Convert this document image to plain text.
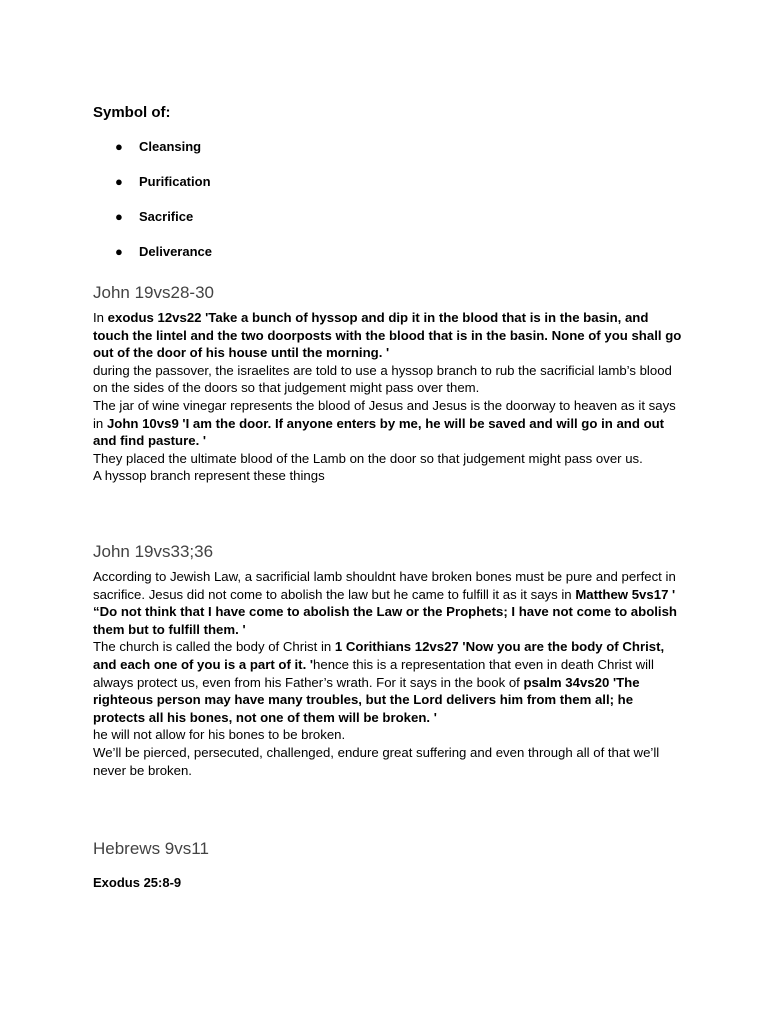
Symbol of:
●	Cleansing
●	Purification
●	Sacrifice
●	Deliverance
John 19vs28-30

In exodus 12vs22 'Take a bunch of hyssop and dip it in the blood that is in the basin, and touch the lintel and the two doorposts with the blood that is in the basin. None of you shall go out of the door of his house until the morning. '

during the passover, the israelites are told to use a hyssop branch to rub the sacrificial lamb’s blood on the sides of the doors so that judgement might pass over them.

The jar of wine vinegar represents the blood of Jesus and Jesus is the doorway to heaven as it says in John 10vs9 'I am the door. If anyone enters by me, he will be saved and will go in and out and find pasture. '

They placed the ultimate blood of the Lamb on the door so that judgement might pass over us.

A hyssop branch represent these things

John 19vs33;36

According to Jewish Law, a sacrificial lamb shouldnt have broken bones must be pure and perfect in sacrifice. Jesus did not come to abolish the law but he came to fulfill it as it says in Matthew 5vs17 ' “Do not think that I have come to abolish the Law or the Prophets; I have not come to abolish them but to fulfill them. '

The church is called the body of Christ in 1 Corithians 12vs27 'Now you are the body of Christ, and each one of you is a part of it. 'hence this is a representation that even in death Christ will always protect us, even from his Father’s wrath. For it says in the book of psalm 34vs20 'The righteous person may have many troubles, but the Lord delivers him from them all; he protects all his bones, not one of them will be broken. '

he will not allow for his bones to be broken.

We’ll be pierced, persecuted, challenged, endure great suffering and even through all of that we’ll never be broken.

Hebrews 9vs11

Exodus 25:8-9
